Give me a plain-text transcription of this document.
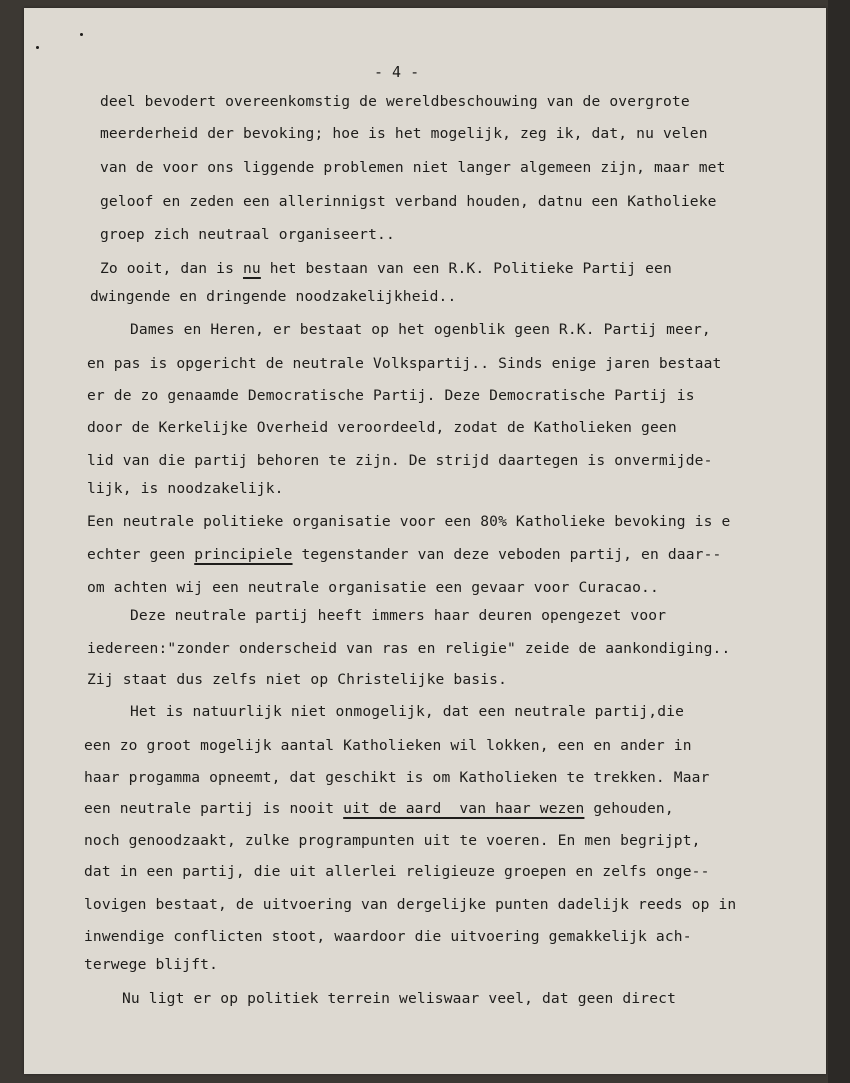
- 4 -
deel bevodert overeenkomstig de wereldbeschouwing van de overgrote
meerderheid der bevoking; hoe is het mogelijk, zeg ik, dat, nu velen
van de voor ons liggende problemen niet langer algemeen zijn, maar met
geloof en zeden een allerinnigst verband houden, datnu een Katholieke
groep zich neutraal organiseert..
Zo ooit, dan is nu het bestaan van een R.K. Politieke Partij een
dwingende en dringende noodzakelijkheid..
Dames en Heren, er bestaat op het ogenblik geen R.K. Partij meer,
en pas is opgericht de neutrale Volkspartij.. Sinds enige jaren bestaat
er de zo genaamde Democratische Partij. Deze Democratische Partij is
door de Kerkelijke Overheid veroordeeld, zodat de Katholieken geen
lid van die partij behoren te zijn. De strijd daartegen is onvermijde-
lijk, is noodzakelijk.
Een neutrale politieke organisatie voor een 80% Katholieke bevoking is e
echter geen principiele tegenstander van deze veboden partij, en daar--
om achten wij een neutrale organisatie een gevaar voor Curacao..
Deze neutrale partij heeft immers haar deuren opengezet voor
iedereen:"zonder onderscheid van ras en religie" zeide de aankondiging..
Zij staat dus zelfs niet op Christelijke basis.
Het is natuurlijk niet onmogelijk, dat een neutrale partij,die
een zo groot mogelijk aantal Katholieken wil lokken, een en ander in
haar progamma opneemt, dat geschikt is om Katholieken te trekken. Maar
een neutrale partij is nooit uit de aard  van haar wezen gehouden,
noch genoodzaakt, zulke programpunten uit te voeren. En men begrijpt,
dat in een partij, die uit allerlei religieuze groepen en zelfs onge--
lovigen bestaat, de uitvoering van dergelijke punten dadelijk reeds op in
inwendige conflicten stoot, waardoor die uitvoering gemakkelijk ach-
terwege blijft.
Nu ligt er op politiek terrein weliswaar veel, dat geen direct
